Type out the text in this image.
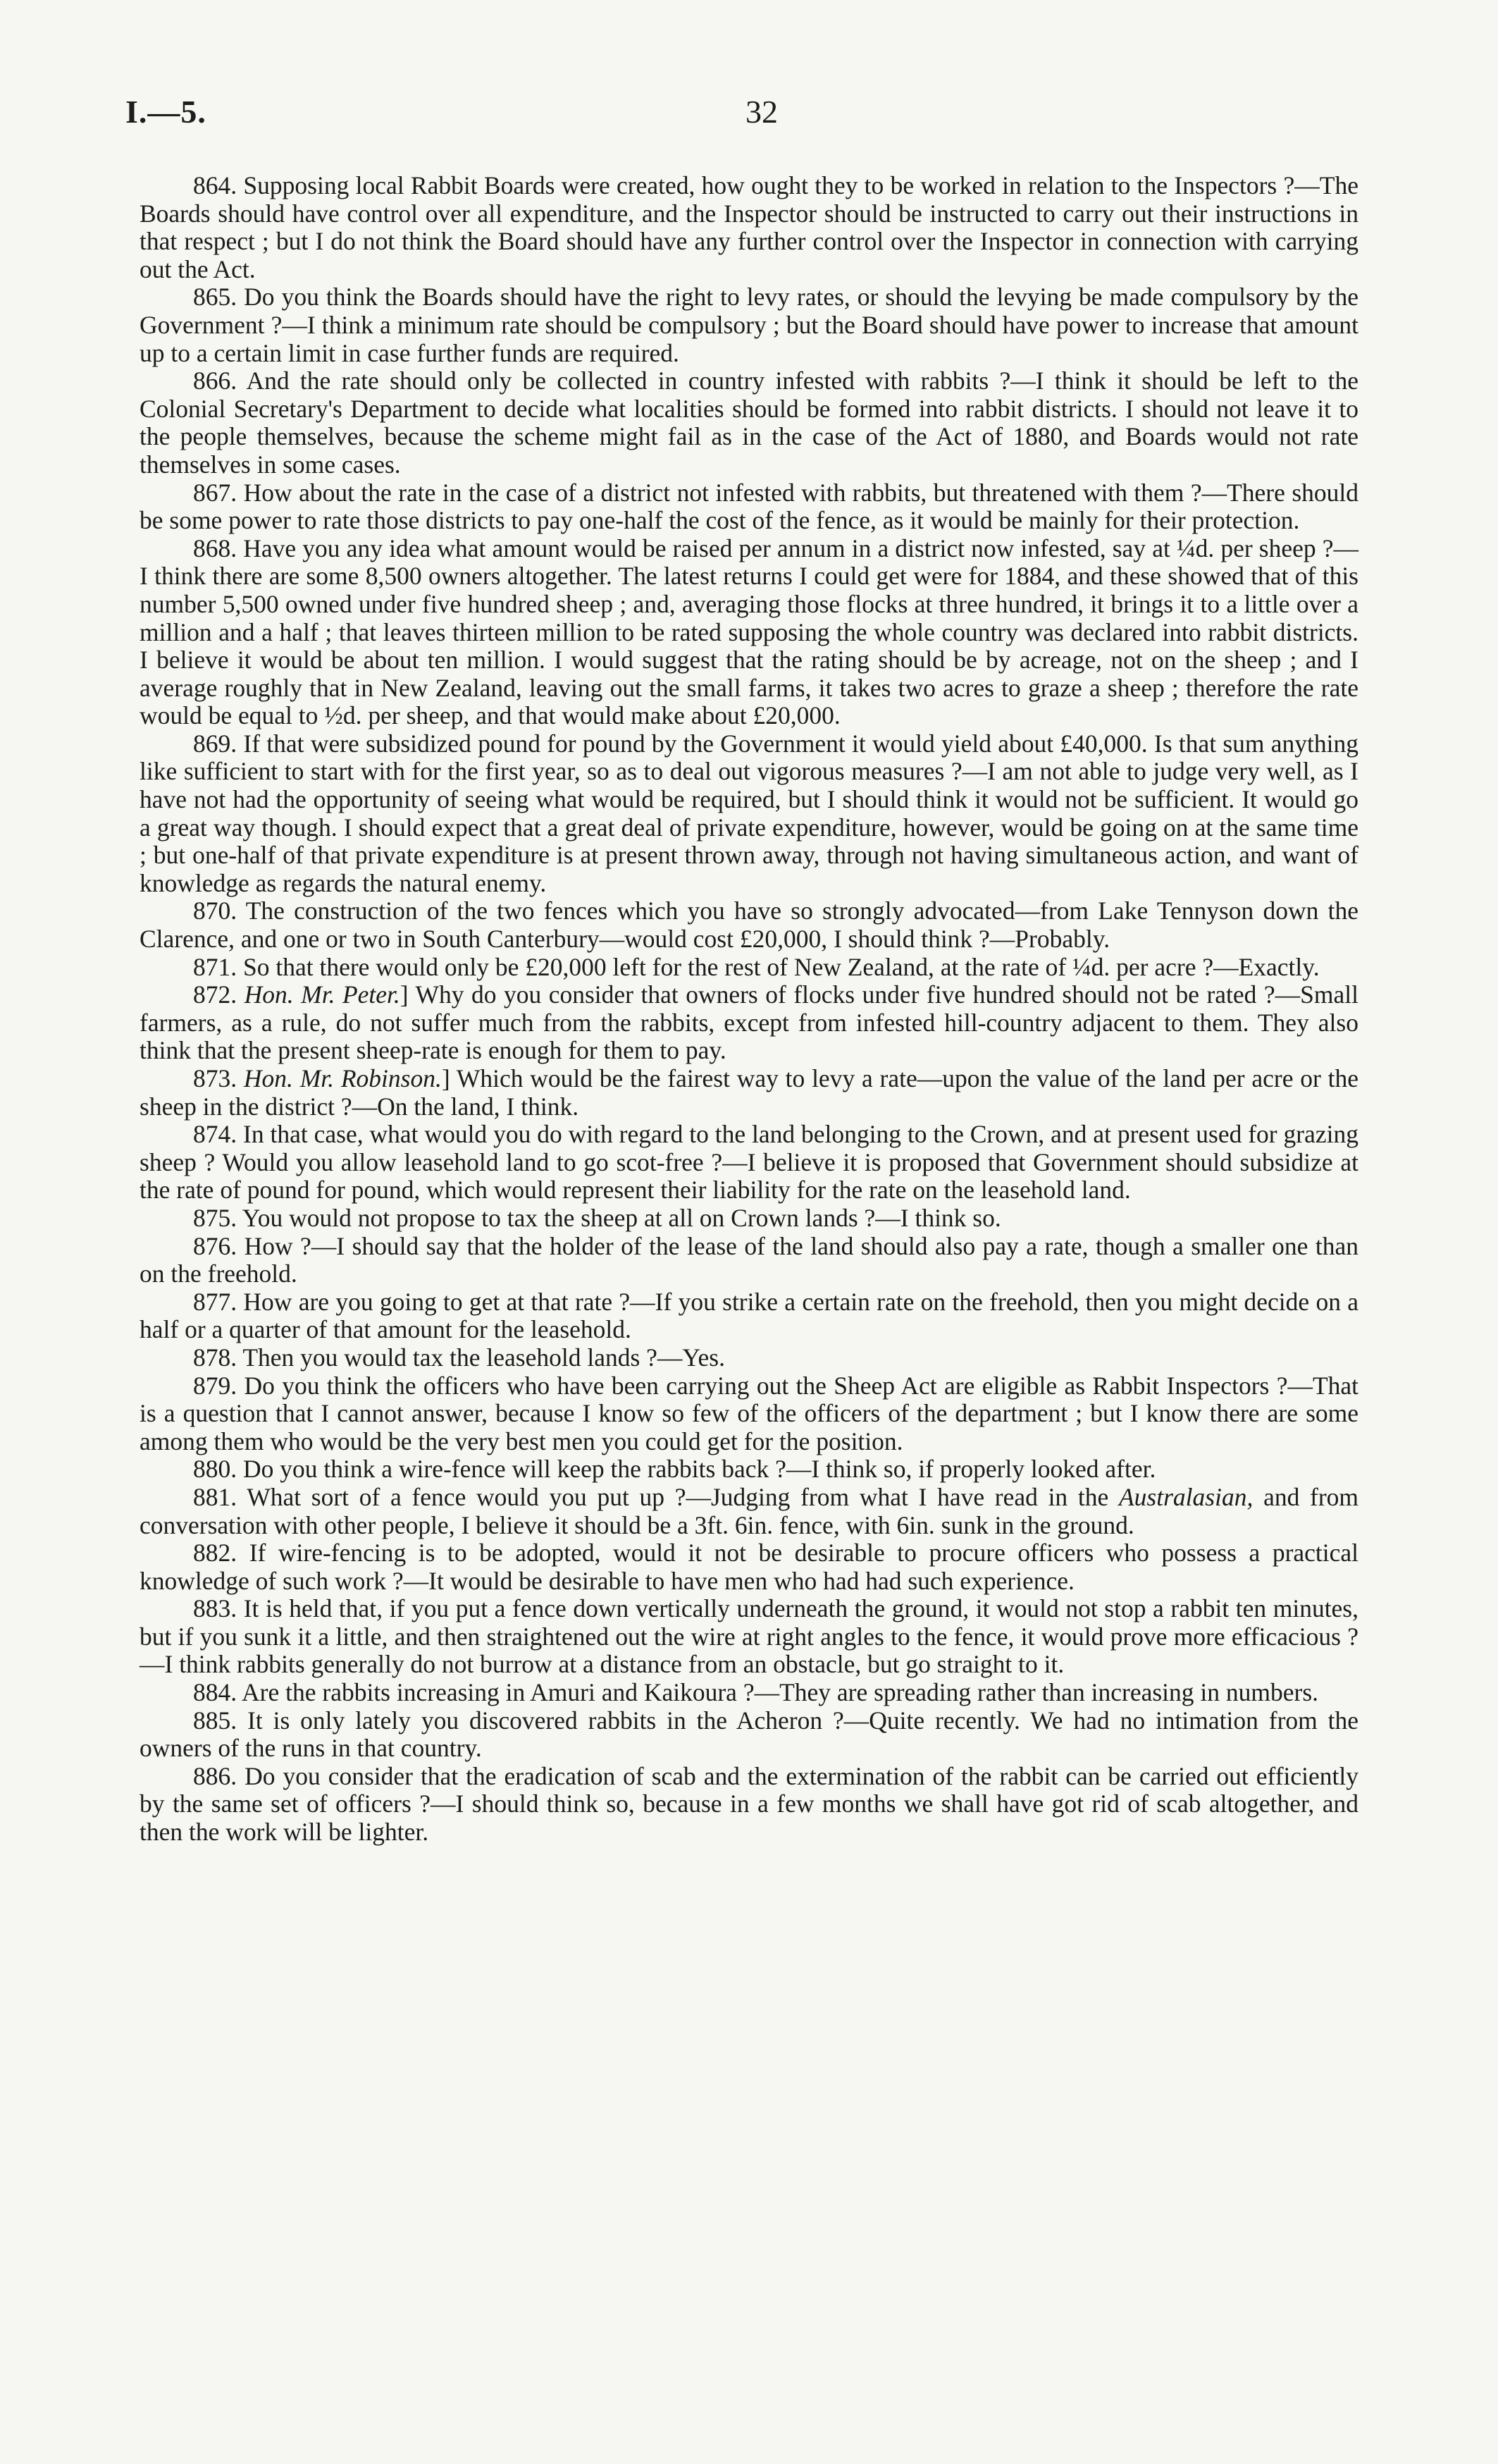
I.—5.	32

864. Supposing local Rabbit Boards were created, how ought they to be worked in relation to the Inspectors ?—The Boards should have control over all expenditure, and the Inspector should be instructed to carry out their instructions in that respect ; but I do not think the Board should have any further control over the Inspector in connection with carrying out the Act.

865. Do you think the Boards should have the right to levy rates, or should the levying be made compulsory by the Government ?—I think a minimum rate should be compulsory ; but the Board should have power to increase that amount up to a certain limit in case further funds are required.

866. And the rate should only be collected in country infested with rabbits ?—I think it should be left to the Colonial Secretary's Department to decide what localities should be formed into rabbit districts. I should not leave it to the people themselves, because the scheme might fail as in the case of the Act of 1880, and Boards would not rate themselves in some cases.

867. How about the rate in the case of a district not infested with rabbits, but threatened with them ?—There should be some power to rate those districts to pay one-half the cost of the fence, as it would be mainly for their protection.

868. Have you any idea what amount would be raised per annum in a district now infested, say at ¼d. per sheep ?—I think there are some 8,500 owners altogether. The latest returns I could get were for 1884, and these showed that of this number 5,500 owned under five hundred sheep ; and, averaging those flocks at three hundred, it brings it to a little over a million and a half ; that leaves thirteen million to be rated supposing the whole country was declared into rabbit districts. I believe it would be about ten million. I would suggest that the rating should be by acreage, not on the sheep ; and I average roughly that in New Zealand, leaving out the small farms, it takes two acres to graze a sheep ; therefore the rate would be equal to ½d. per sheep, and that would make about £20,000.

869. If that were subsidized pound for pound by the Government it would yield about £40,000. Is that sum anything like sufficient to start with for the first year, so as to deal out vigorous measures ?—I am not able to judge very well, as I have not had the opportunity of seeing what would be required, but I should think it would not be sufficient. It would go a great way though. I should expect that a great deal of private expenditure, however, would be going on at the same time ; but one-half of that private expenditure is at present thrown away, through not having simultaneous action, and want of knowledge as regards the natural enemy.

870. The construction of the two fences which you have so strongly advocated—from Lake Tennyson down the Clarence, and one or two in South Canterbury—would cost £20,000, I should think ?—Probably.

871. So that there would only be £20,000 left for the rest of New Zealand, at the rate of ¼d. per acre ?—Exactly.

872. Hon. Mr. Peter.] Why do you consider that owners of flocks under five hundred should not be rated ?—Small farmers, as a rule, do not suffer much from the rabbits, except from infested hill-country adjacent to them. They also think that the present sheep-rate is enough for them to pay.

873. Hon. Mr. Robinson.] Which would be the fairest way to levy a rate—upon the value of the land per acre or the sheep in the district ?—On the land, I think.

874. In that case, what would you do with regard to the land belonging to the Crown, and at present used for grazing sheep ? Would you allow leasehold land to go scot-free ?—I believe it is proposed that Government should subsidize at the rate of pound for pound, which would represent their liability for the rate on the leasehold land.

875. You would not propose to tax the sheep at all on Crown lands ?—I think so.

876. How ?—I should say that the holder of the lease of the land should also pay a rate, though a smaller one than on the freehold.

877. How are you going to get at that rate ?—If you strike a certain rate on the freehold, then you might decide on a half or a quarter of that amount for the leasehold.

878. Then you would tax the leasehold lands ?—Yes.

879. Do you think the officers who have been carrying out the Sheep Act are eligible as Rabbit Inspectors ?—That is a question that I cannot answer, because I know so few of the officers of the department ; but I know there are some among them who would be the very best men you could get for the position.

880. Do you think a wire-fence will keep the rabbits back ?—I think so, if properly looked after.

881. What sort of a fence would you put up ?—Judging from what I have read in the Australasian, and from conversation with other people, I believe it should be a 3ft. 6in. fence, with 6in. sunk in the ground.

882. If wire-fencing is to be adopted, would it not be desirable to procure officers who possess a practical knowledge of such work ?—It would be desirable to have men who had had such experience.

883. It is held that, if you put a fence down vertically underneath the ground, it would not stop a rabbit ten minutes, but if you sunk it a little, and then straightened out the wire at right angles to the fence, it would prove more efficacious ?—I think rabbits generally do not burrow at a distance from an obstacle, but go straight to it.

884. Are the rabbits increasing in Amuri and Kaikoura ?—They are spreading rather than increasing in numbers.

885. It is only lately you discovered rabbits in the Acheron ?—Quite recently. We had no intimation from the owners of the runs in that country.

886. Do you consider that the eradication of scab and the extermination of the rabbit can be carried out efficiently by the same set of officers ?—I should think so, because in a few months we shall have got rid of scab altogether, and then the work will be lighter.
